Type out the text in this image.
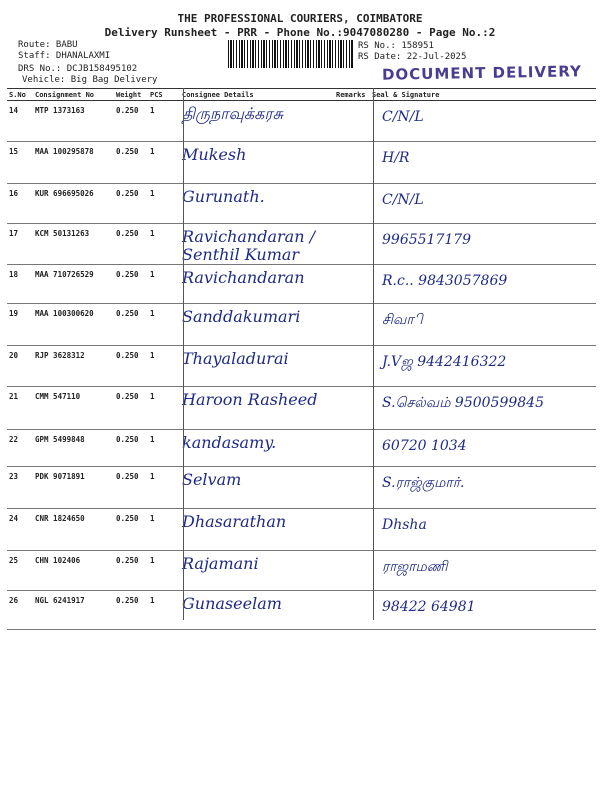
THE PROFESSIONAL COURIERS, COIMBATORE
Delivery Runsheet - PRR - Phone No.:9047080280 - Page No.:2
Route: BABU
Staff: DHANALAXMI
DRS No.: DCJB158495102
Vehicle: Big Bag Delivery
RS No.: 158951
RS Date: 22-Jul-2025
DOCUMENT DELIVERY
S.No	Consignment No	Weight	PCS	Consignee Details	Remarks	Seal & Signature
14	MTP 1373163	0.250	1	திருநாவுக்கரசு		C/N/L
15	MAA 100295878	0.250	1	Mukesh		H/R
16	KUR 696695026	0.250	1	Gurunath.		C/N/L
17	KCM 50131263	0.250	1	Ravichandaran / Senthil Kumar		9965517179
18	MAA 710726529	0.250	1	Ravichandaran		R.c.. 9843057869
19	MAA 100300620	0.250	1	Sanddakumari		சிவாி
20	RJP 3628312	0.250	1	Thayaladurai		J.Vஜ 9442416322
21	CMM 547110	0.250	1	Haroon Rasheed		S.செல்வம் 9500599845
22	GPM 5499848	0.250	1	kandasamy.		60720 1034
23	PDK 9071891	0.250	1	Selvam		S.ராஜ்குமார்.
24	CNR 1824650	0.250	1	Dhasarathan		Dhsha
25	CHN 102406	0.250	1	Rajamani		ராஜாமணி
26	NGL 6241917	0.250	1	Gunaseelam		98422 64981
